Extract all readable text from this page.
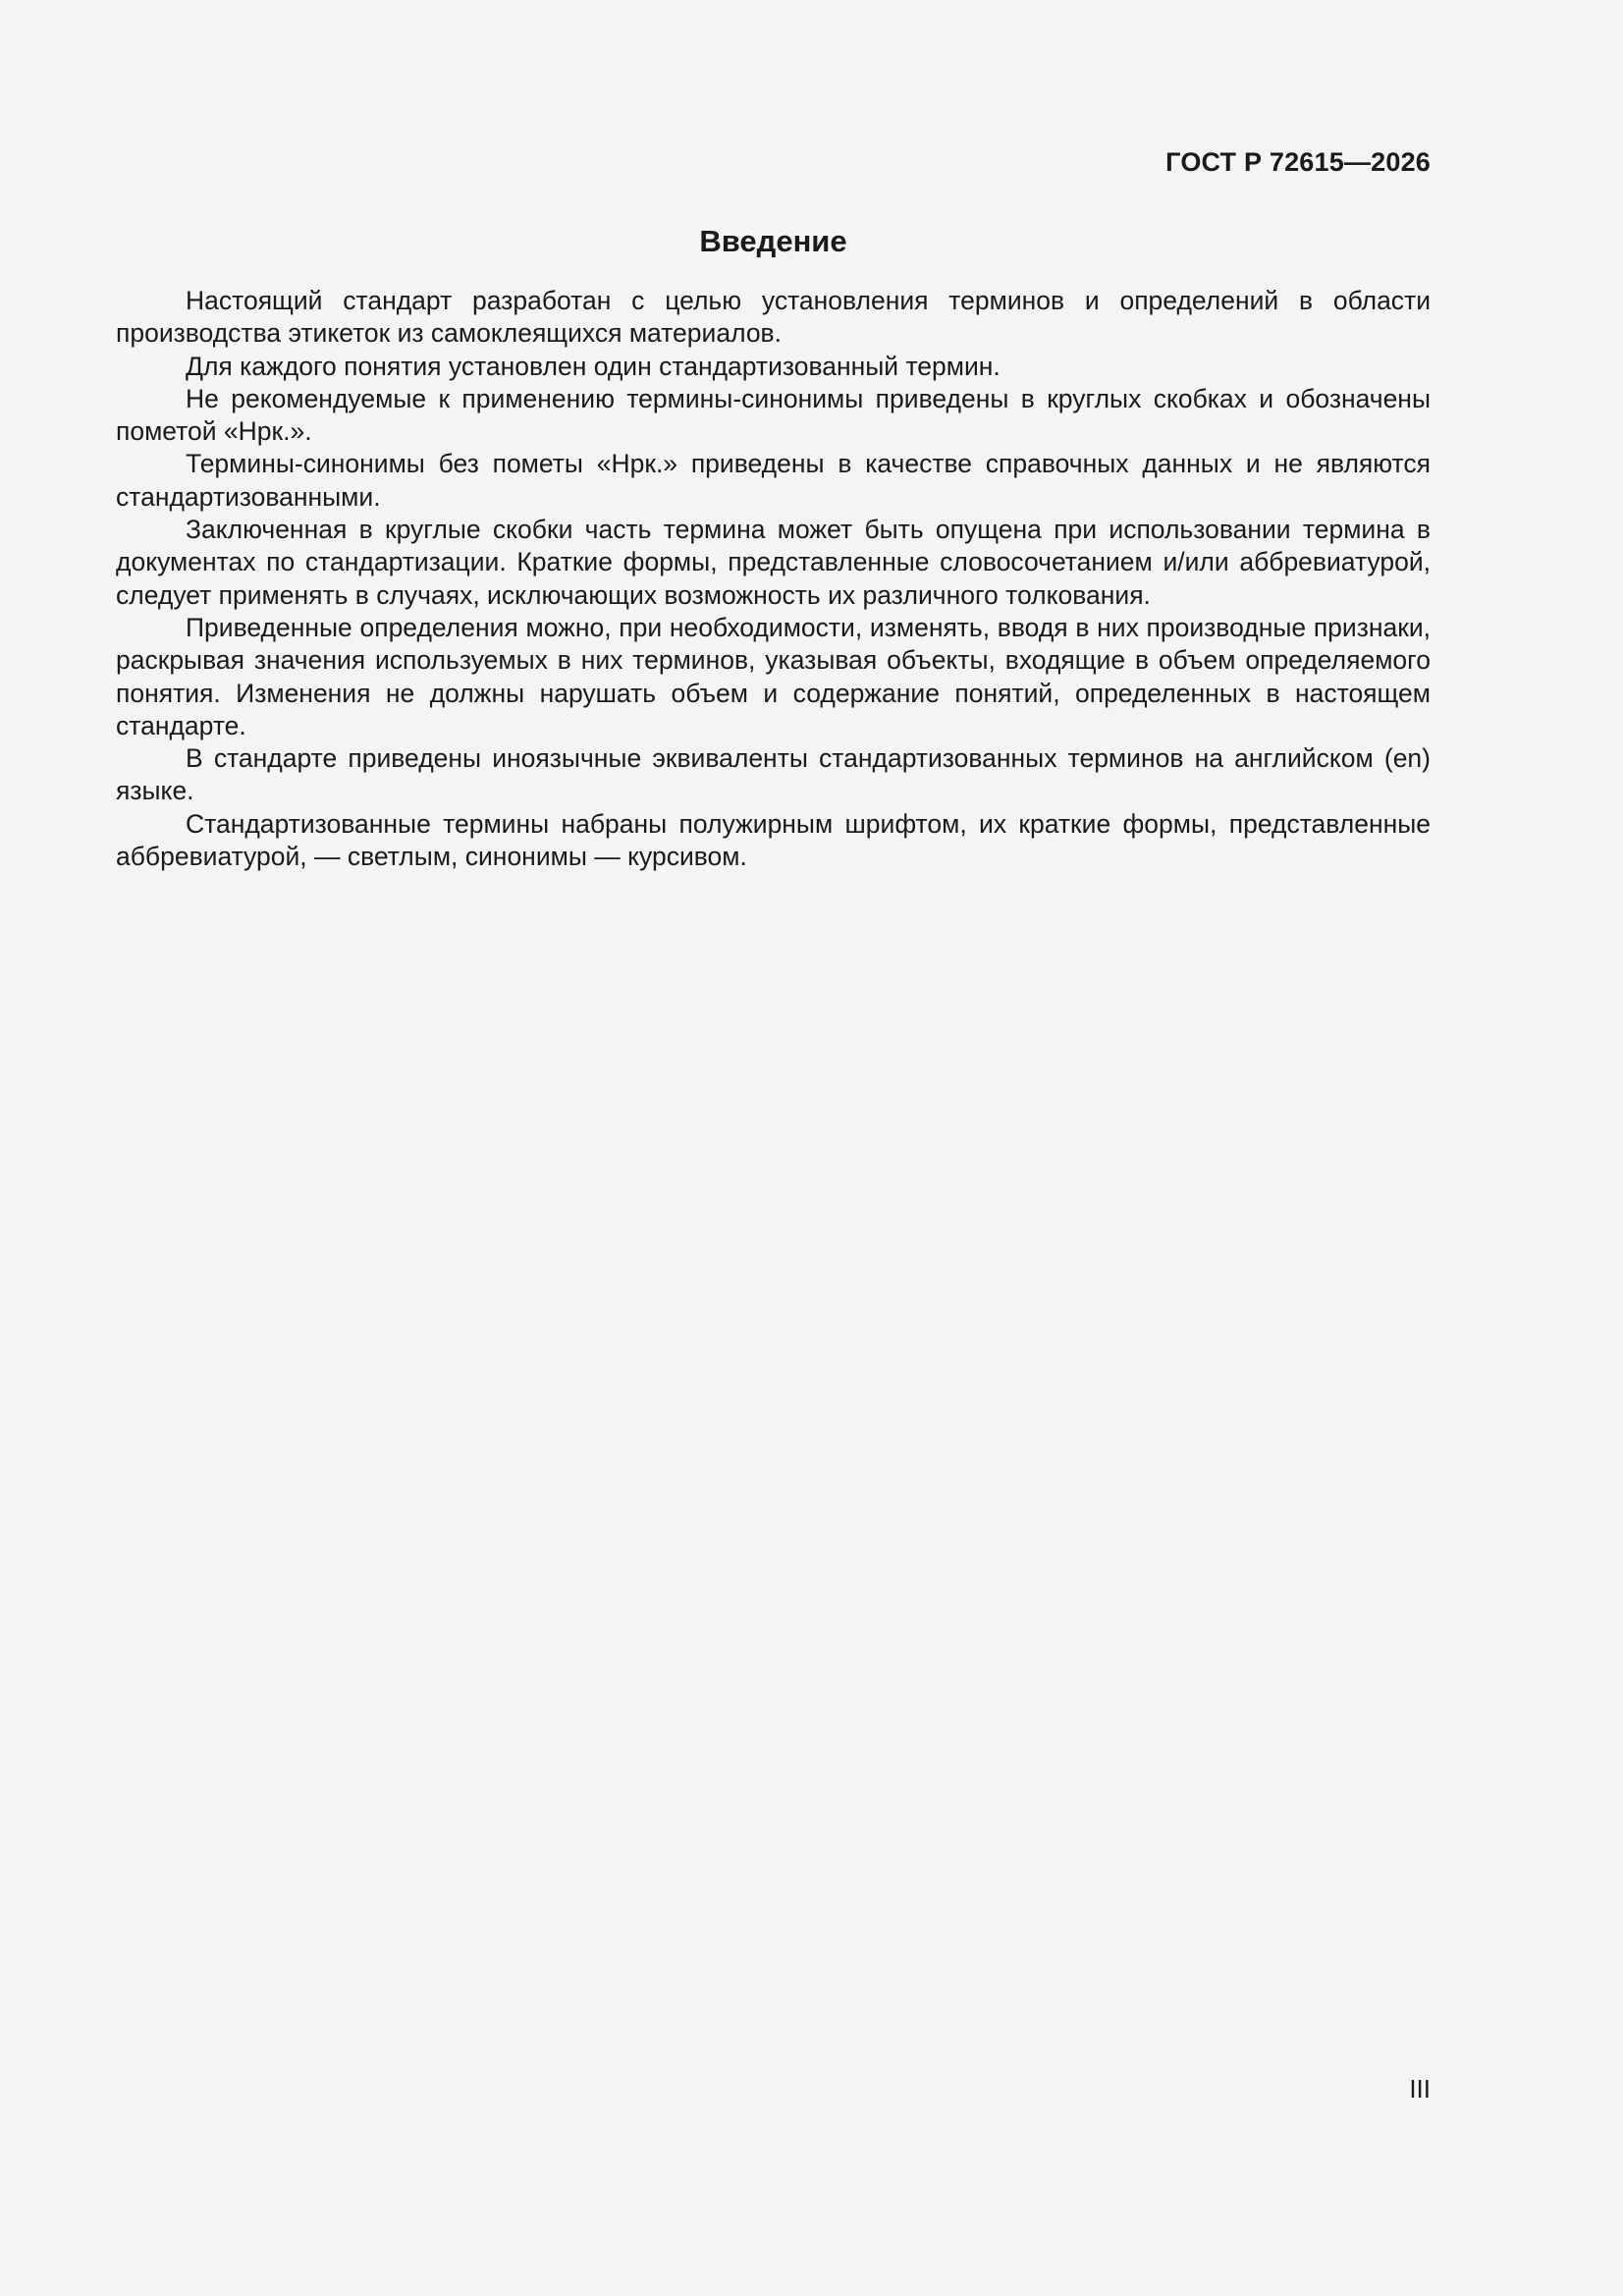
ГОСТ Р 72615—2026
Введение

Настоящий стандарт разработан с целью установления терминов и определений в области производства этикеток из самоклеящихся материалов.

Для каждого понятия установлен один стандартизованный термин.

Не рекомендуемые к применению термины-синонимы приведены в круглых скобках и обозначены пометой «Нрк.».

Термины-синонимы без пометы «Нрк.» приведены в качестве справочных данных и не являются стандартизованными.

Заключенная в круглые скобки часть термина может быть опущена при использовании термина в документах по стандартизации. Краткие формы, представленные словосочетанием и/или аббревиатурой, следует применять в случаях, исключающих возможность их различного толкования.

Приведенные определения можно, при необходимости, изменять, вводя в них производные признаки, раскрывая значения используемых в них терминов, указывая объекты, входящие в объем определяемого понятия. Изменения не должны нарушать объем и содержание понятий, определенных в настоящем стандарте.

В стандарте приведены иноязычные эквиваленты стандартизованных терминов на английском (en) языке.

Стандартизованные термины набраны полужирным шрифтом, их краткие формы, представленные аббревиатурой, — светлым, синонимы — курсивом.

III
